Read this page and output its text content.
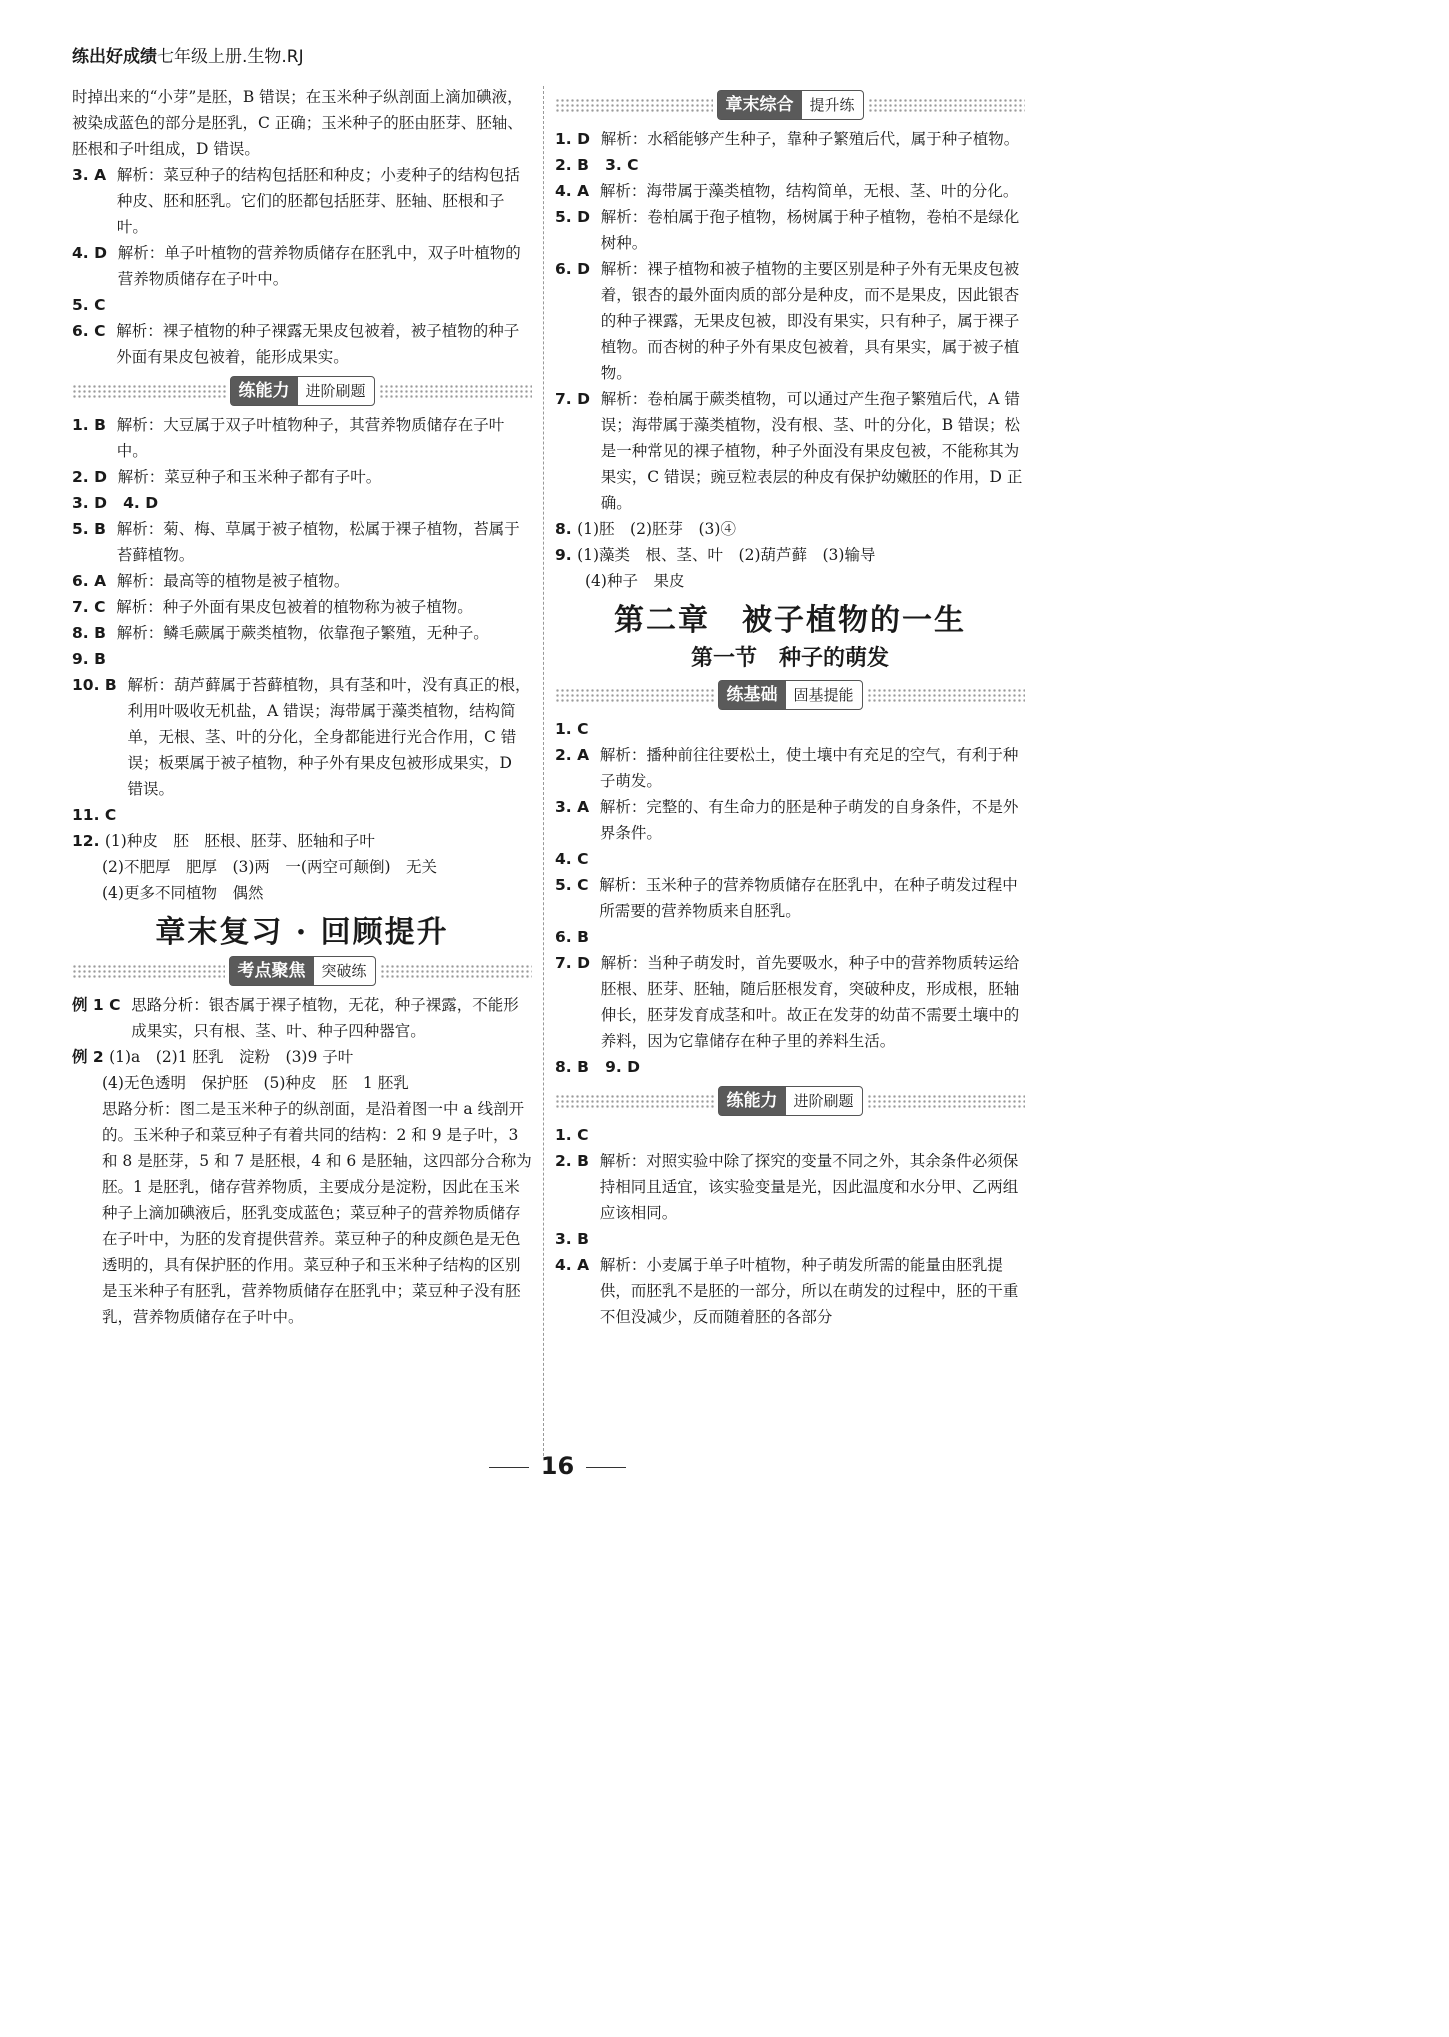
练出好成绩七年级上册.生物.RJ

时掉出来的“小芽”是胚，B 错误；在玉米种子纵剖面上滴加碘液，被染成蓝色的部分是胚乳，C 正确；玉米种子的胚由胚芽、胚轴、胚根和子叶组成，D 错误。

3. A 解析：菜豆种子的结构包括胚和种皮；小麦种子的结构包括种皮、胚和胚乳。它们的胚都包括胚芽、胚轴、胚根和子叶。
4. D 解析：单子叶植物的营养物质储存在胚乳中，双子叶植物的营养物质储存在子叶中。
5. C
6. C 解析：裸子植物的种子裸露无果皮包被着，被子植物的种子外面有果皮包被着，能形成果实。
练能力	进阶刷题
1. B 解析：大豆属于双子叶植物种子，其营养物质储存在子叶中。
2. D 解析：菜豆种子和玉米种子都有子叶。
3. D   4. D
5. B 解析：菊、梅、草属于被子植物，松属于裸子植物，苔属于苔藓植物。
6. A 解析：最高等的植物是被子植物。
7. C 解析：种子外面有果皮包被着的植物称为被子植物。
8. B 解析：鳞毛蕨属于蕨类植物，依靠孢子繁殖，无种子。
9. B
10. B 解析：葫芦藓属于苔藓植物，具有茎和叶，没有真正的根，利用叶吸收无机盐，A 错误；海带属于藻类植物，结构简单，无根、茎、叶的分化，全身都能进行光合作用，C 错误；板栗属于被子植物，种子外有果皮包被形成果实，D 错误。
11. C
12. (1)种皮　胚　胚根、胚芽、胚轴和子叶

(2)不肥厚　肥厚　(3)两　一(两空可颠倒)　无关

(4)更多不同植物　偶然

章末复习 · 回顾提升
考点聚焦	突破练
例 1 C 思路分析：银杏属于裸子植物，无花，种子裸露，不能形成果实，只有根、茎、叶、种子四种器官。
例 2 (1)a　(2)1 胚乳　淀粉　(3)9 子叶

(4)无色透明　保护胚　(5)种皮　胚　1 胚乳

思路分析：图二是玉米种子的纵剖面，是沿着图一中 a 线剖开的。玉米种子和菜豆种子有着共同的结构：2 和 9 是子叶，3 和 8 是胚芽，5 和 7 是胚根，4 和 6 是胚轴，这四部分合称为胚。1 是胚乳，储存营养物质，主要成分是淀粉，因此在玉米种子上滴加碘液后，胚乳变成蓝色；菜豆种子的营养物质储存在子叶中，为胚的发育提供营养。菜豆种子的种皮颜色是无色透明的，具有保护胚的作用。菜豆种子和玉米种子结构的区别是玉米种子有胚乳，营养物质储存在胚乳中；菜豆种子没有胚乳，营养物质储存在子叶中。

章末综合	提升练
1. D 解析：水稻能够产生种子，靠种子繁殖后代，属于种子植物。
2. B   3. C
4. A 解析：海带属于藻类植物，结构简单，无根、茎、叶的分化。
5. D 解析：卷柏属于孢子植物，杨树属于种子植物，卷柏不是绿化树种。
6. D 解析：裸子植物和被子植物的主要区别是种子外有无果皮包被着，银杏的最外面肉质的部分是种皮，而不是果皮，因此银杏的种子裸露，无果皮包被，即没有果实，只有种子，属于裸子植物。而杏树的种子外有果皮包被着，具有果实，属于被子植物。
7. D 解析：卷柏属于蕨类植物，可以通过产生孢子繁殖后代，A 错误；海带属于藻类植物，没有根、茎、叶的分化，B 错误；松是一种常见的裸子植物，种子外面没有果皮包被，不能称其为果实，C 错误；豌豆粒表层的种皮有保护幼嫩胚的作用，D 正确。
8. (1)胚　(2)胚芽　(3)④
9. (1)藻类　根、茎、叶　(2)葫芦藓　(3)输导

(4)种子　果皮

第二章　被子植物的一生
第一节　种子的萌发
练基础	固基提能
1. C
2. A 解析：播种前往往要松土，使土壤中有充足的空气，有利于种子萌发。
3. A 解析：完整的、有生命力的胚是种子萌发的自身条件，不是外界条件。
4. C
5. C 解析：玉米种子的营养物质储存在胚乳中，在种子萌发过程中所需要的营养物质来自胚乳。
6. B
7. D 解析：当种子萌发时，首先要吸水，种子中的营养物质转运给胚根、胚芽、胚轴，随后胚根发育，突破种皮，形成根，胚轴伸长，胚芽发育成茎和叶。故正在发芽的幼苗不需要土壤中的养料，因为它靠储存在种子里的养料生活。
8. B   9. D
练能力	进阶刷题
1. C
2. B 解析：对照实验中除了探究的变量不同之外，其余条件必须保持相同且适宜，该实验变量是光，因此温度和水分甲、乙两组应该相同。
3. B
4. A 解析：小麦属于单子叶植物，种子萌发所需的能量由胚乳提供，而胚乳不是胚的一部分，所以在萌发的过程中，胚的干重不但没减少，反而随着胚的各部分
16
